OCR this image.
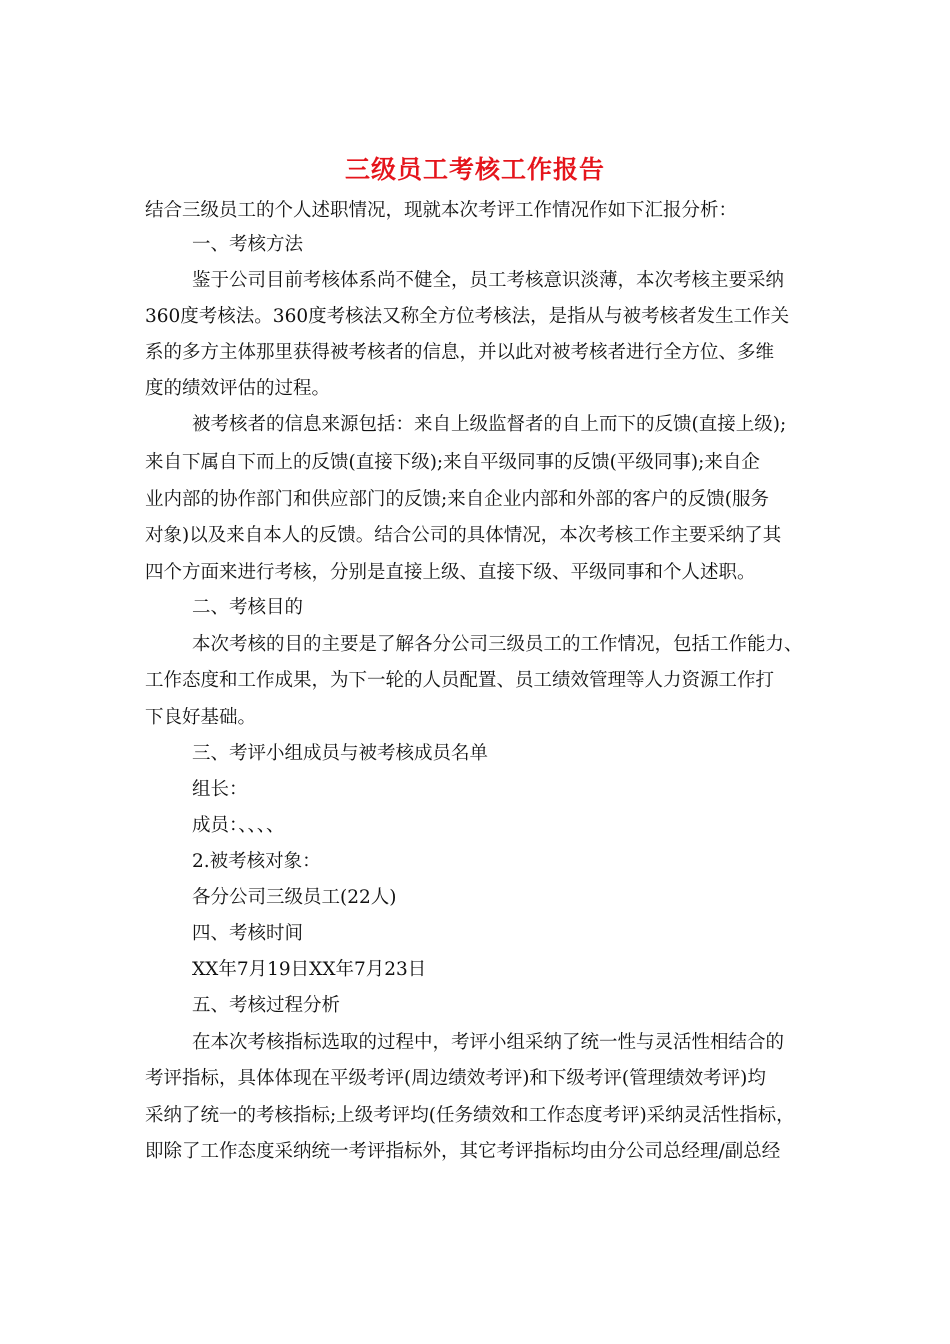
三级员工考核工作报告
结合三级员工的个人述职情况，现就本次考评工作情况作如下汇报分析：
一、考核方法
鉴于公司目前考核体系尚不健全，员工考核意识淡薄，本次考核主要采纳
360度考核法。360度考核法又称全方位考核法，是指从与被考核者发生工作关
系的多方主体那里获得被考核者的信息，并以此对被考核者进行全方位、多维
度的绩效评估的过程。
被考核者的信息来源包括：来自上级监督者的自上而下的反馈(直接上级);
来自下属自下而上的反馈(直接下级);来自平级同事的反馈(平级同事);来自企
业内部的协作部门和供应部门的反馈;来自企业内部和外部的客户的反馈(服务
对象)以及来自本人的反馈。结合公司的具体情况，本次考核工作主要采纳了其
四个方面来进行考核，分别是直接上级、直接下级、平级同事和个人述职。
二、考核目的
本次考核的目的主要是了解各分公司三级员工的工作情况，包括工作能力、
工作态度和工作成果，为下一轮的人员配置、员工绩效管理等人力资源工作打
下良好基础。
三、考评小组成员与被考核成员名单
组长：
成员：、、、、
2.被考核对象：
各分公司三级员工(22人)
四、考核时间
XX年7月19日XX年7月23日
五、考核过程分析
在本次考核指标选取的过程中，考评小组采纳了统一性与灵活性相结合的
考评指标，具体体现在平级考评(周边绩效考评)和下级考评(管理绩效考评)均
采纳了统一的考核指标;上级考评均(任务绩效和工作态度考评)采纳灵活性指标，
即除了工作态度采纳统一考评指标外，其它考评指标均由分公司总经理/副总经
